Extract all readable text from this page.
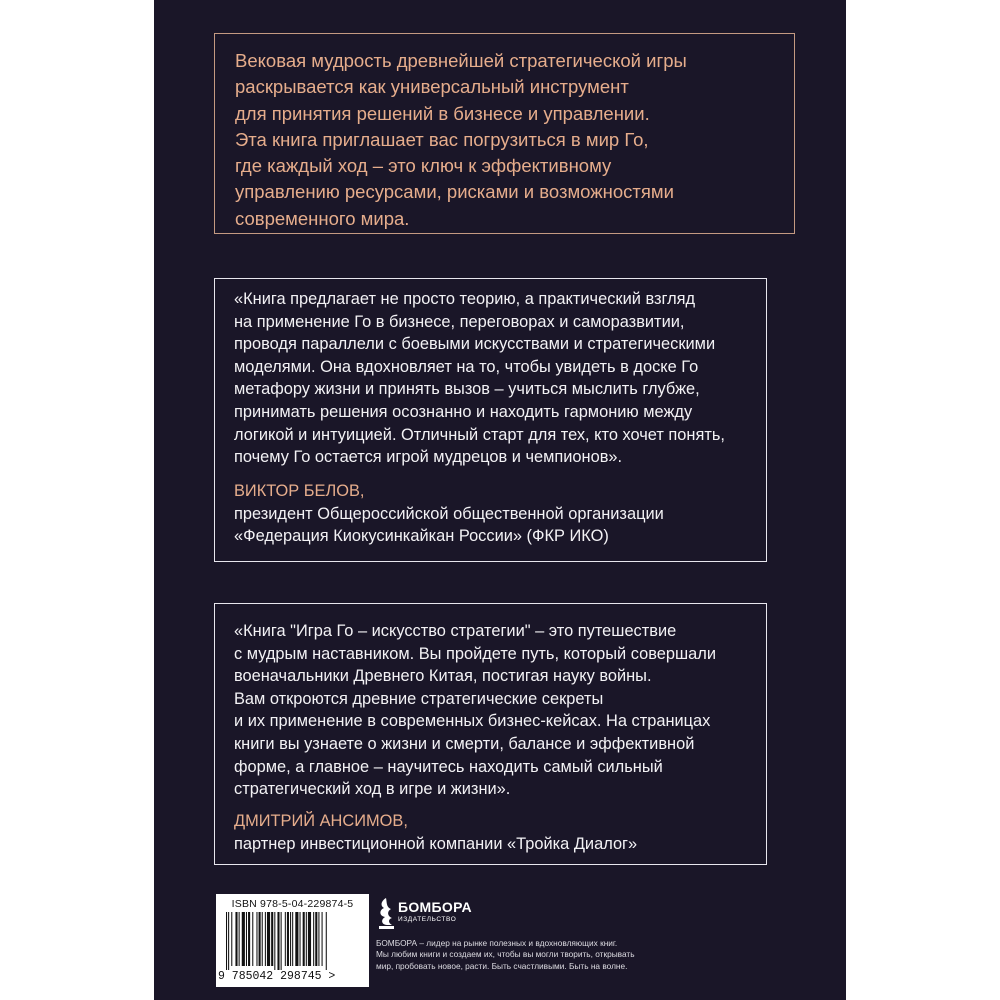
Вековая мудрость древнейшей стратегической игры
раскрывается как универсальный инструмент
для принятия решений в бизнесе и управлении.
Эта книга приглашает вас погрузиться в мир Го,
где каждый ход – это ключ к эффективному
управлению ресурсами, рисками и возможностями
современного мира.
«Книга предлагает не просто теорию, а практический взгляд
на применение Го в бизнесе, переговорах и саморазвитии,
проводя параллели с боевыми искусствами и стратегическими
моделями. Она вдохновляет на то, чтобы увидеть в доске Го
метафору жизни и принять вызов – учиться мыслить глубже,
принимать решения осознанно и находить гармонию между
логикой и интуицией. Отличный старт для тех, кто хочет понять,
почему Го остается игрой мудрецов и чемпионов».
ВИКТОР БЕЛОВ,
президент Общероссийской общественной организации
«Федерация Киокусинкайкан России» (ФКР ИКО)
«Книга "Игра Го – искусство стратегии" – это путешествие
с мудрым наставником. Вы пройдете путь, который совершали
военачальники Древнего Китая, постигая науку войны.
Вам откроются древние стратегические секреты
и их применение в современных бизнес-кейсах. На страницах
книги вы узнаете о жизни и смерти, балансе и эффективной
форме, а главное – научитесь находить самый сильный
стратегический ход в игре и жизни».
ДМИТРИЙ АНСИМОВ,
партнер инвестиционной компании «Тройка Диалог»
ISBN 978-5-04-229874-5
9 785042 298745 >
БОМБОРА
ИЗДАТЕЛЬСТВО
БОМБОРА – лидер на рынке полезных и вдохновляющих книг.
Мы любим книги и создаем их, чтобы вы могли творить, открывать
мир, пробовать новое, расти. Быть счастливыми. Быть на волне.
